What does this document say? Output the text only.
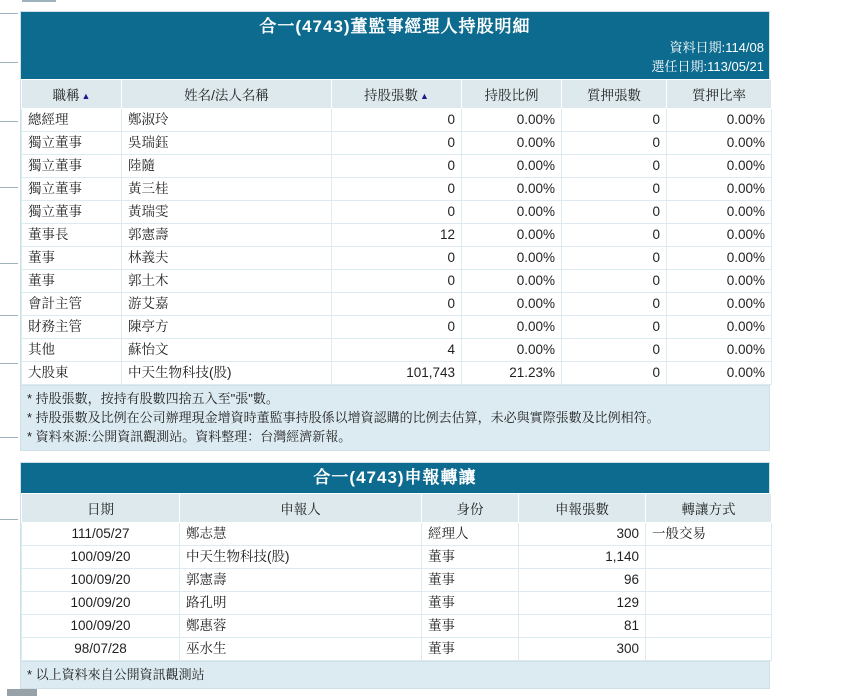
合一(4743)董監事經理人持股明細
資料日期:114/08
選任日期:113/05/21
職稱 ▲	姓名/法人名稱	持股張數 ▲	持股比例	質押張數	質押比率
總經理	鄭淑玲	0	0.00%	0	0.00%
獨立董事	吳瑞鈺	0	0.00%	0	0.00%
獨立董事	陸隨	0	0.00%	0	0.00%
獨立董事	黃三桂	0	0.00%	0	0.00%
獨立董事	黃瑞雯	0	0.00%	0	0.00%
董事長	郭憲壽	12	0.00%	0	0.00%
董事	林義夫	0	0.00%	0	0.00%
董事	郭土木	0	0.00%	0	0.00%
會計主管	游艾嘉	0	0.00%	0	0.00%
財務主管	陳亭方	0	0.00%	0	0.00%
其他	蘇怡文	4	0.00%	0	0.00%
大股東	中天生物科技(股)	101,743	21.23%	0	0.00%
* 持股張數，按持有股數四捨五入至"張"數。
* 持股張數及比例在公司辦理現金增資時董監事持股係以增資認購的比例去估算，未必與實際張數及比例相符。
* 資料來源:公開資訊觀測站。資料整理：台灣經濟新報。
合一(4743)申報轉讓
日期	申報人	身份	申報張數	轉讓方式
111/05/27	鄭志慧	經理人	300	一般交易
100/09/20	中天生物科技(股)	董事	1,140	
100/09/20	郭憲壽	董事	96	
100/09/20	路孔明	董事	129	
100/09/20	鄭惠蓉	董事	81	
98/07/28	巫水生	董事	300	
* 以上資料來自公開資訊觀測站
